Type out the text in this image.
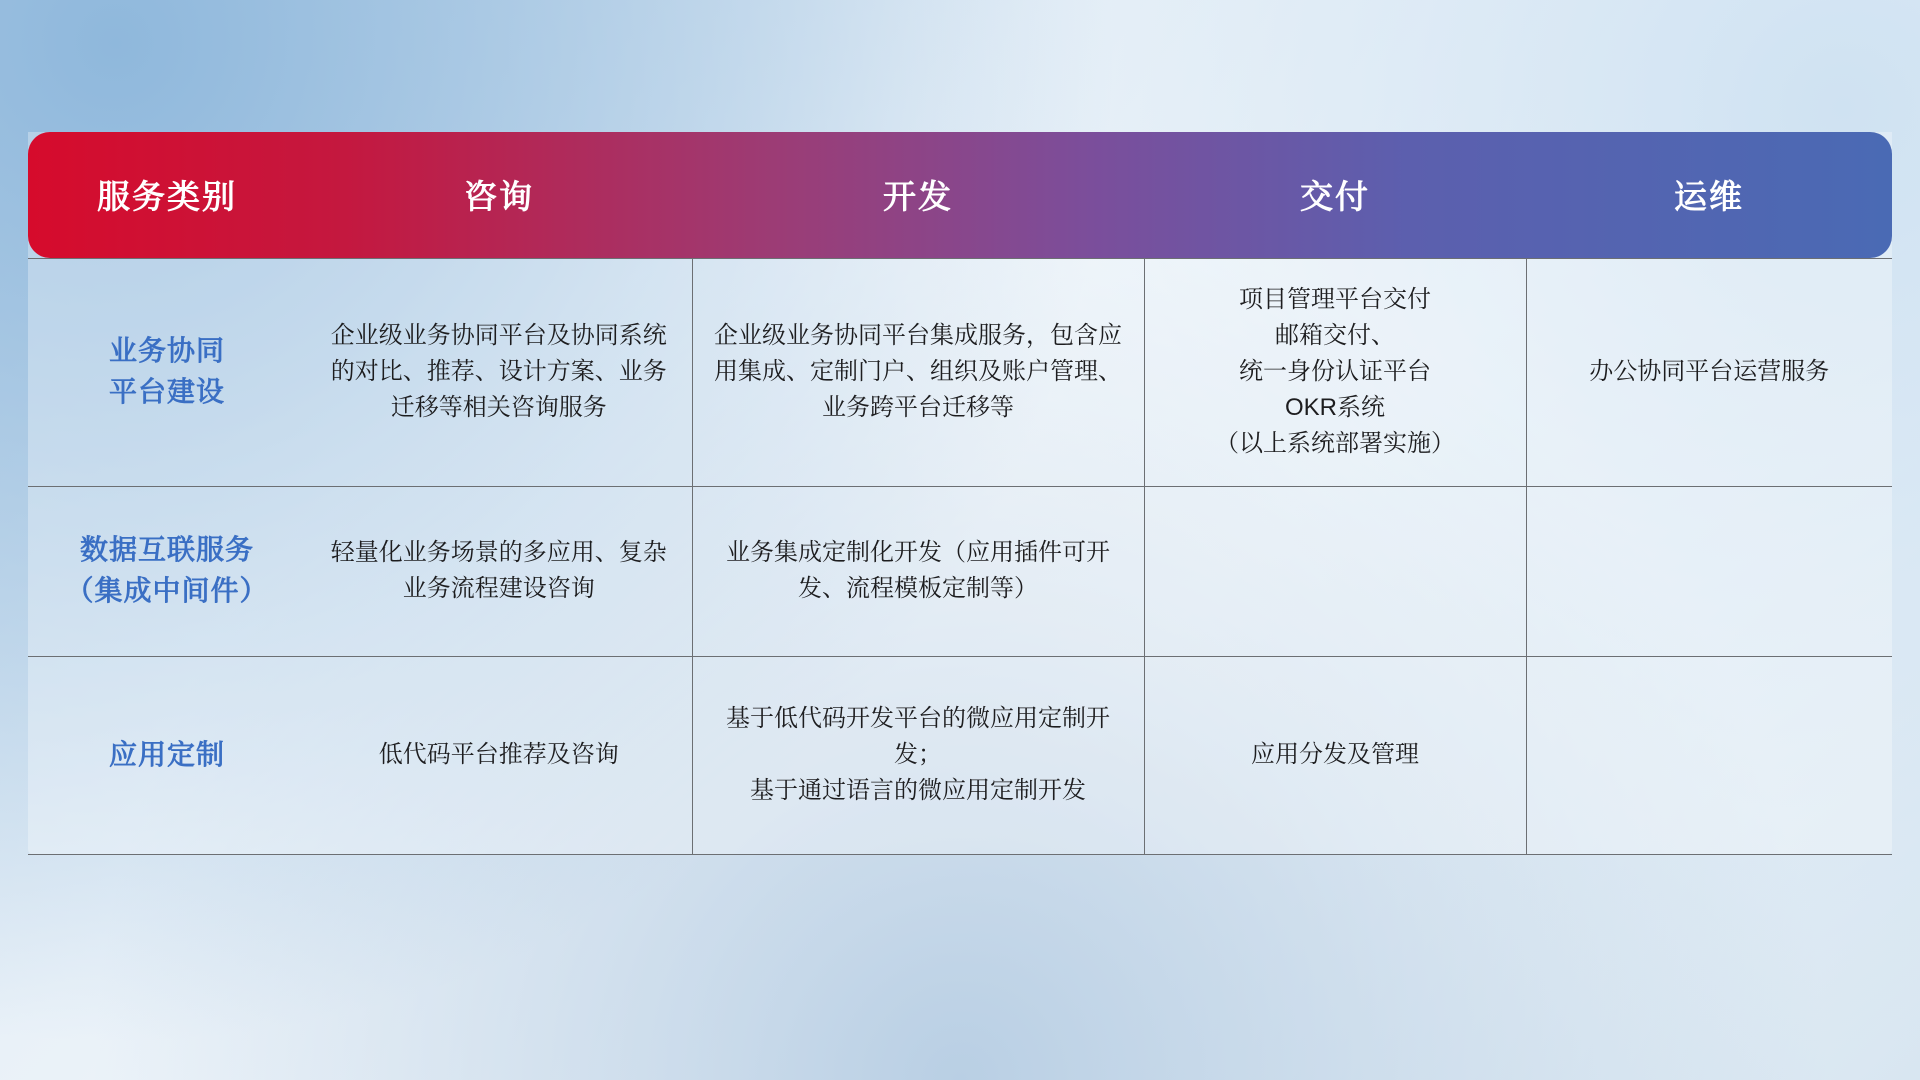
服务类别	咨询	开发	交付	运维

业务协同
平台建设	企业级业务协同平台及协同系统的对比、推荐、设计方案、业务迁移等相关咨询服务	企业级业务协同平台集成服务，包含应用集成、定制门户、组织及账户管理、业务跨平台迁移等	项目管理平台交付
邮箱交付、
统一身份认证平台
OKR系统
（以上系统部署实施）	办公协同平台运营服务

数据互联服务
（集成中间件）	轻量化业务场景的多应用、复杂业务流程建设咨询	业务集成定制化开发（应用插件可开发、流程模板定制等）		

应用定制	低代码平台推荐及咨询	基于低代码开发平台的微应用定制开发；
基于通过语言的微应用定制开发	应用分发及管理	
